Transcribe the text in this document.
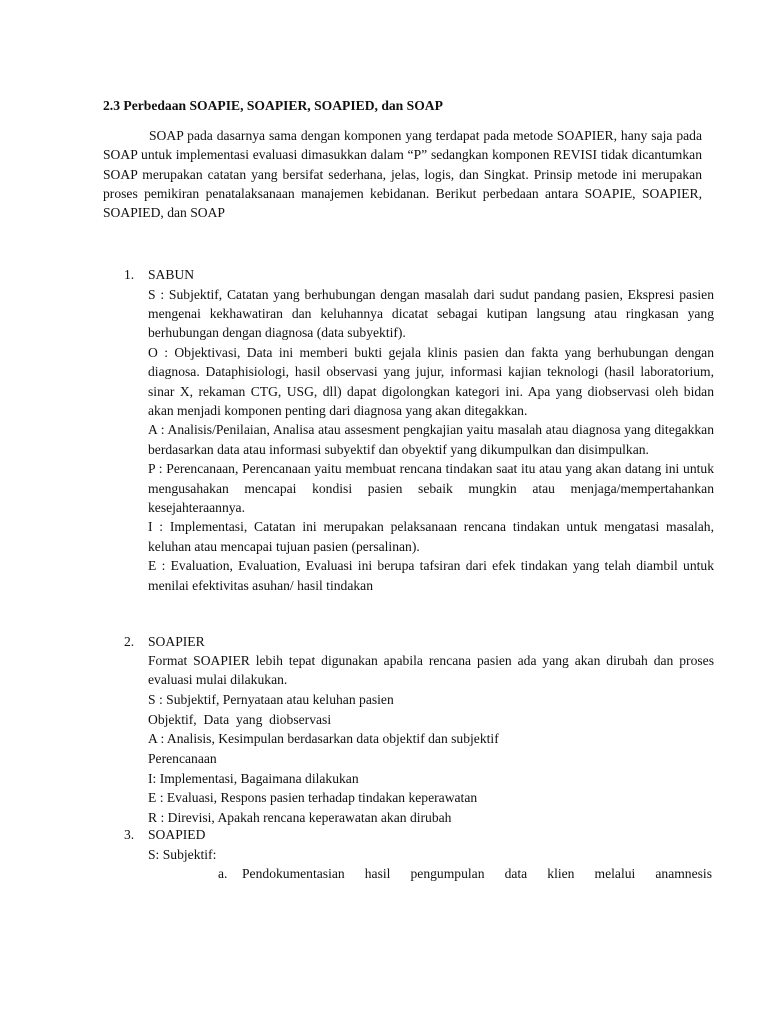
2.3 Perbedaan SOAPIE, SOAPIER, SOAPIED, dan SOAP

SOAP pada dasarnya sama dengan komponen yang terdapat pada metode SOAPIER, hany saja pada SOAP untuk implementasi evaluasi dimasukkan dalam “P” sedangkan komponen REVISI tidak dicantumkan SOAP merupakan catatan yang bersifat sederhana, jelas, logis, dan Singkat. Prinsip metode ini merupakan proses pemikiran penatalaksanaan manajemen kebidanan. Berikut perbedaan antara SOAPIE, SOAPIER, SOAPIED, dan SOAP

1.	SABUN

S : Subjektif, Catatan yang berhubungan dengan masalah dari sudut pandang pasien, Ekspresi pasien mengenai kekhawatiran dan keluhannya dicatat sebagai kutipan langsung atau ringkasan yang berhubungan dengan diagnosa (data subyektif).

O : Objektivasi, Data ini memberi bukti gejala klinis pasien dan fakta yang berhubungan dengan diagnosa. Dataphisiologi, hasil observasi yang jujur, informasi kajian teknologi (hasil laboratorium, sinar X, rekaman CTG, USG, dll) dapat digolongkan kategori ini. Apa yang diobservasi oleh bidan akan menjadi komponen penting dari diagnosa yang akan ditegakkan.

A : Analisis/Penilaian, Analisa atau assesment pengkajian yaitu masalah atau diagnosa yang ditegakkan berdasarkan data atau informasi subyektif dan obyektif yang dikumpulkan dan disimpulkan.

P : Perencanaan, Perencanaan yaitu membuat rencana tindakan saat itu atau yang akan datang ini untuk mengusahakan mencapai kondisi pasien sebaik mungkin atau menjaga/mempertahankan kesejahteraannya.

I : Implementasi, Catatan ini merupakan pelaksanaan rencana tindakan untuk mengatasi masalah, keluhan atau mencapai tujuan pasien (persalinan).

E : Evaluation, Evaluation, Evaluasi ini berupa tafsiran dari efek tindakan yang telah diambil untuk menilai efektivitas asuhan/ hasil tindakan

2.	SOAPIER

Format SOAPIER lebih tepat digunakan apabila rencana pasien ada yang akan dirubah dan proses evaluasi mulai dilakukan.

S : Subjektif, Pernyataan atau keluhan pasien

Objektif,  Data  yang  diobservasi

A : Analisis, Kesimpulan berdasarkan data objektif dan subjektif

Perencanaan

I: Implementasi, Bagaimana dilakukan

E : Evaluasi, Respons pasien terhadap tindakan keperawatan

R : Direvisi, Apakah rencana keperawatan akan dirubah

3.	SOAPIED

S: Subjektif:

a.	Pendokumentasian hasil pengumpulan data klien melalui anamnesis
